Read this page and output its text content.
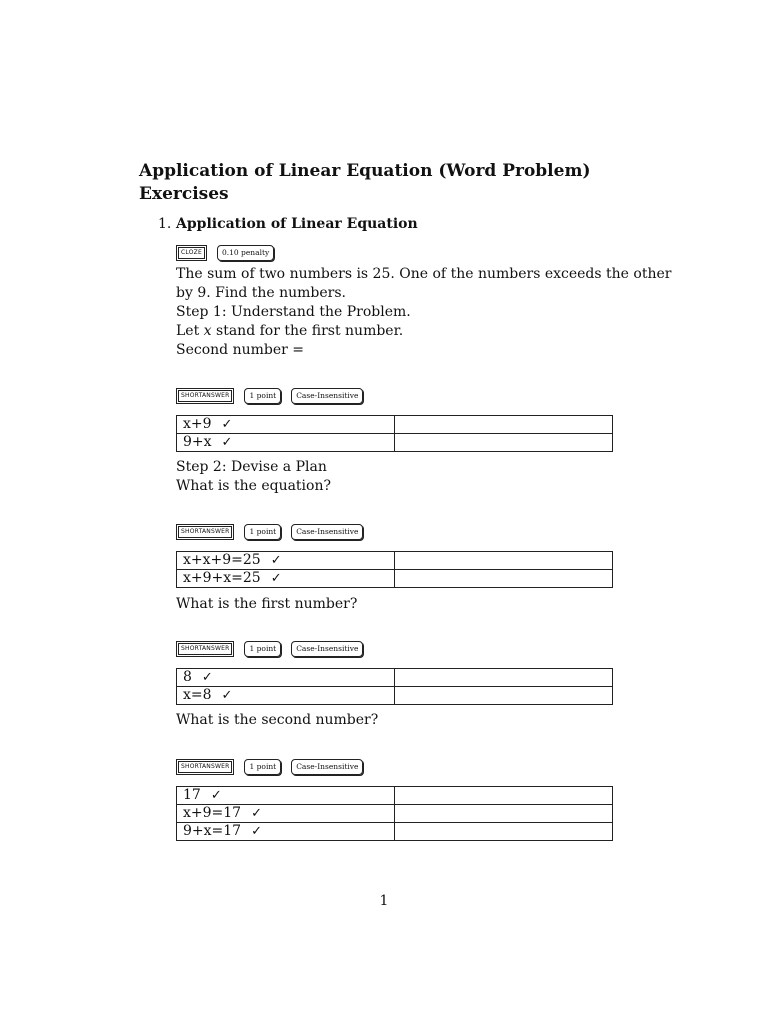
Application of Linear Equation (Word Problem) Exercises
1. Application of Linear Equation
CLOZE	0.10 penalty
The sum of two numbers is 25. One of the numbers exceeds the other
by 9. Find the numbers.
Step 1: Understand the Problem.
Let x stand for the first number.
Second number =
SHORTANSWER	1 point	Case-Insensitive
x+9 ✓	
9+x ✓	
Step 2: Devise a Plan
What is the equation?
SHORTANSWER	1 point	Case-Insensitive
x+x+9=25 ✓	
x+9+x=25 ✓	
What is the first number?
SHORTANSWER	1 point	Case-Insensitive
8 ✓	
x=8 ✓	
What is the second number?
SHORTANSWER	1 point	Case-Insensitive
17 ✓	
x+9=17 ✓	
9+x=17 ✓	
1
